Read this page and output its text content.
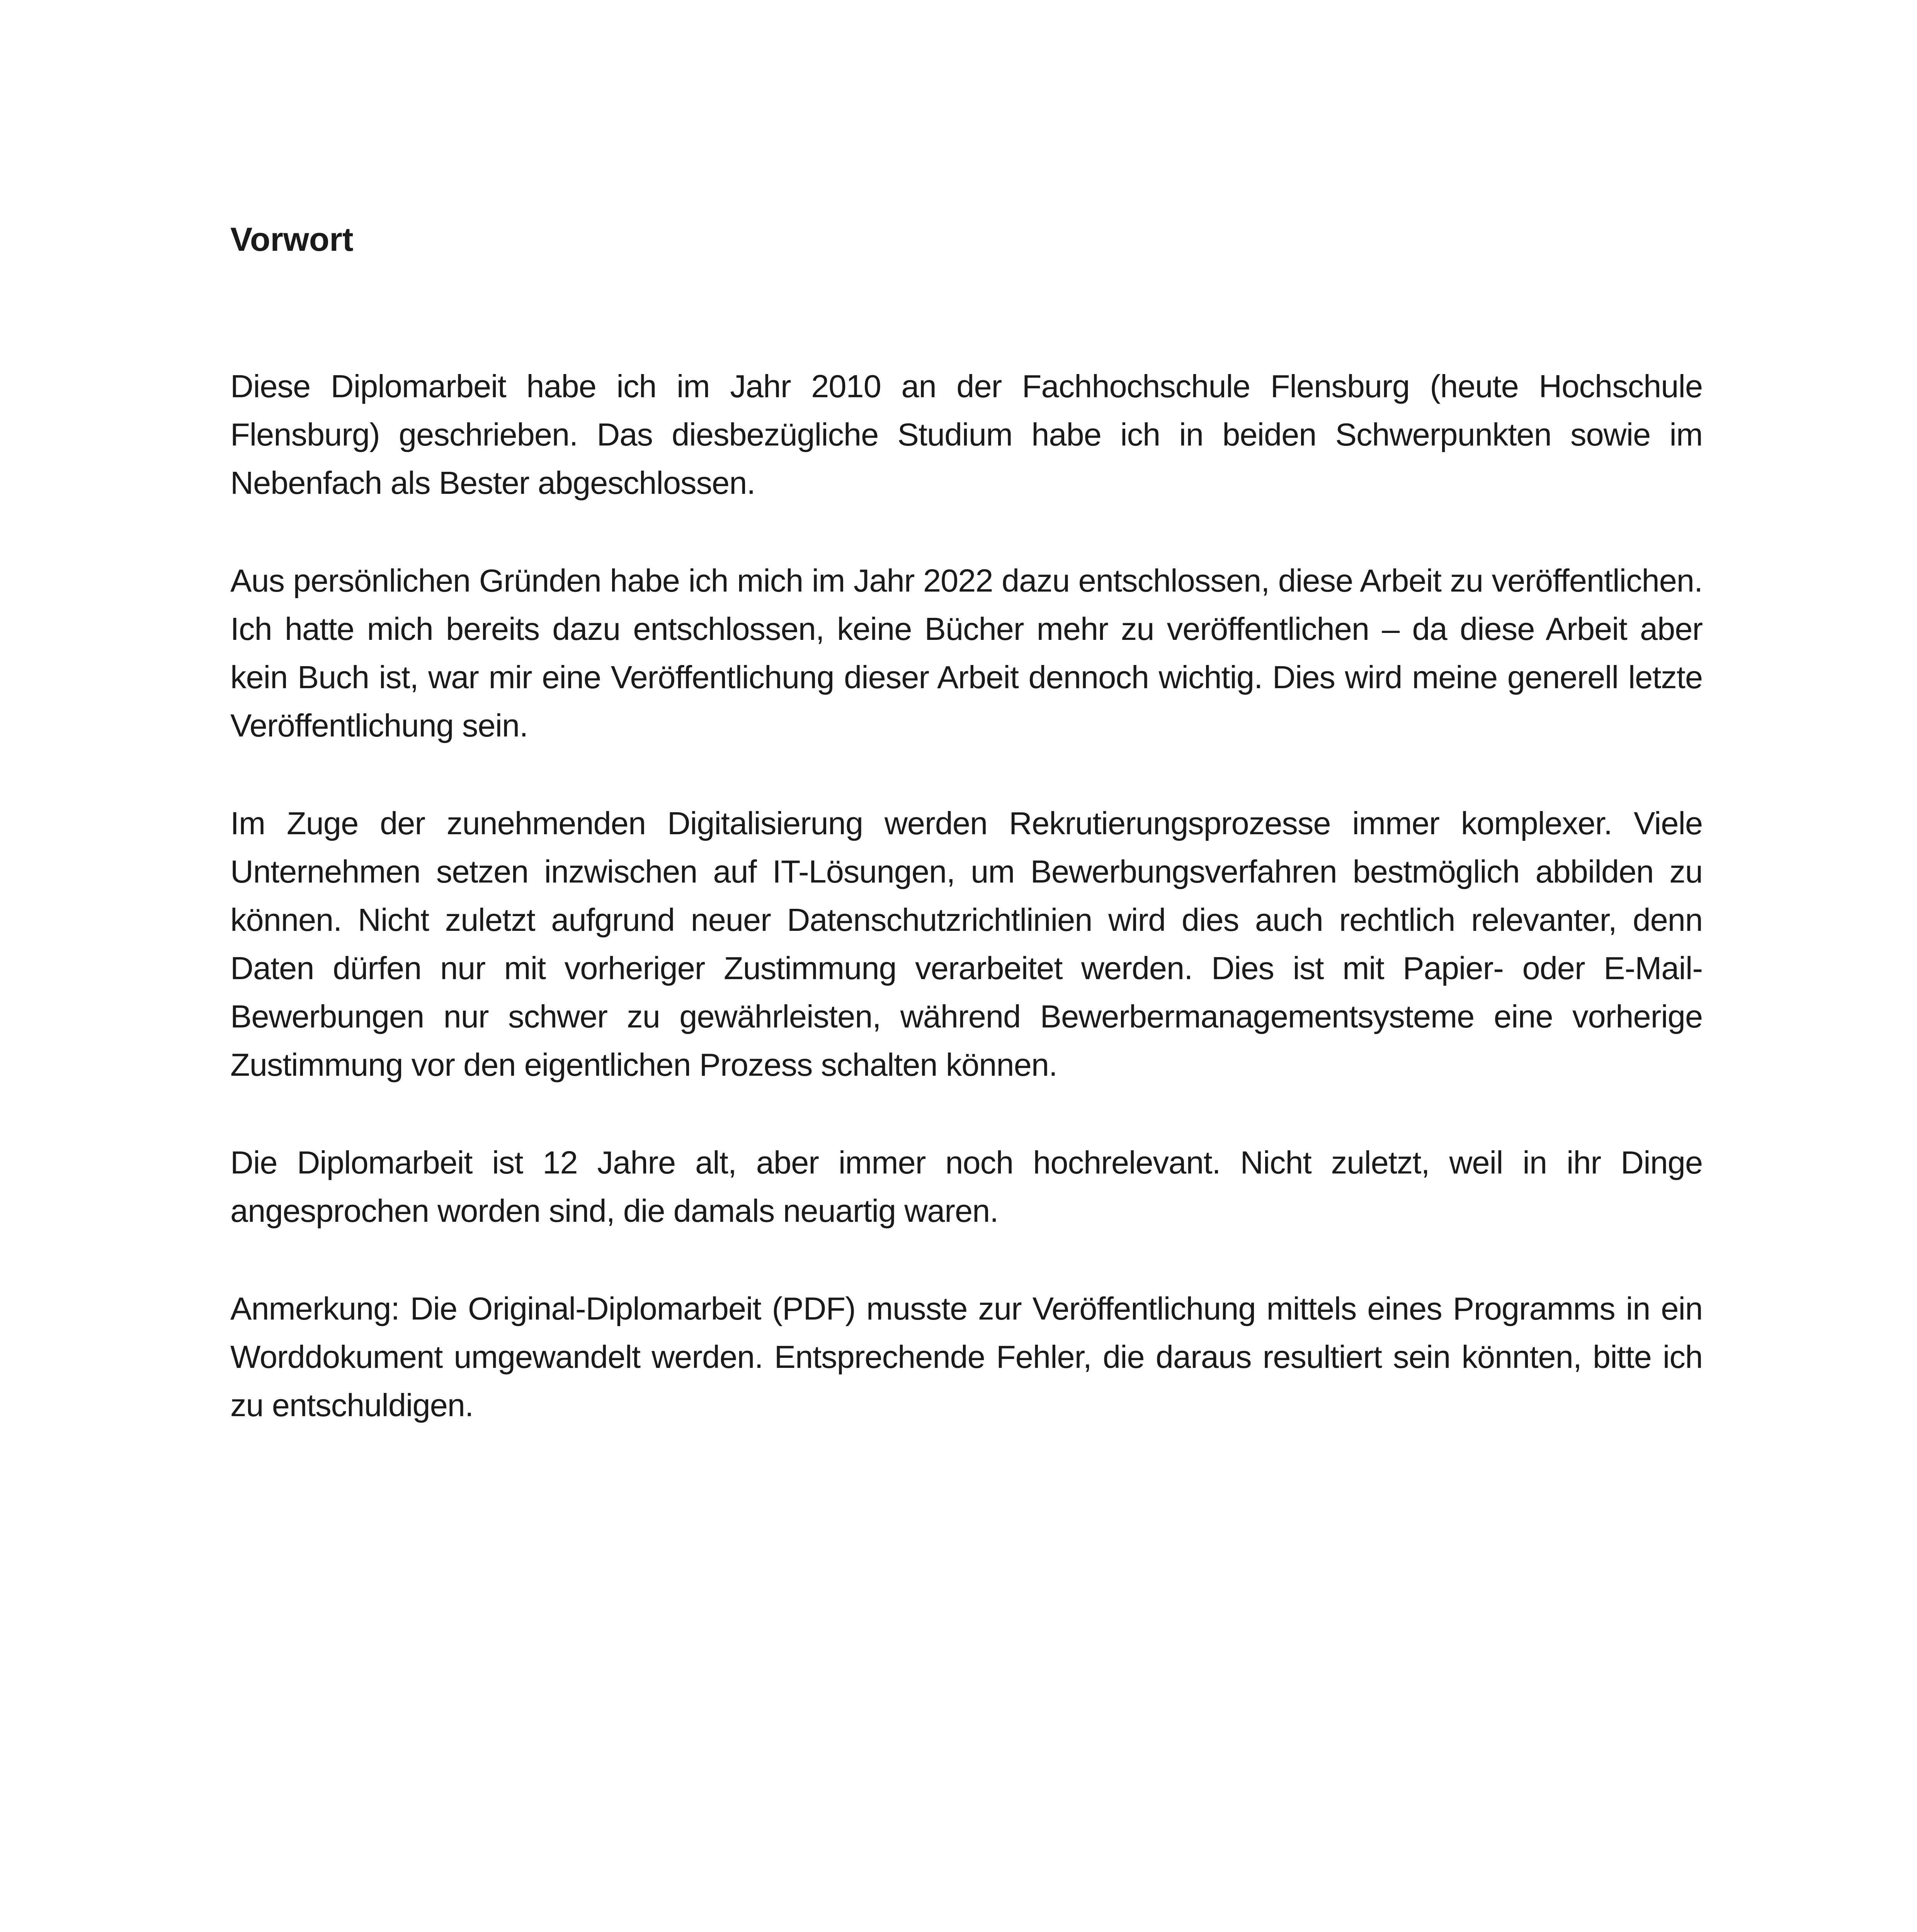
Vorwort

Diese Diplomarbeit habe ich im Jahr 2010 an der Fachhochschule Flensburg (heute Hochschule Flensburg) geschrieben. Das diesbezügliche Studium habe ich in beiden Schwerpunkten sowie im Nebenfach als Bester abgeschlossen.

Aus persönlichen Gründen habe ich mich im Jahr 2022 dazu entschlossen, diese Arbeit zu veröffentlichen. Ich hatte mich bereits dazu entschlossen, keine Bücher mehr zu veröffentlichen – da diese Arbeit aber kein Buch ist, war mir eine Veröffentlichung dieser Arbeit dennoch wichtig. Dies wird meine generell letzte Veröffentlichung sein.

Im Zuge der zunehmenden Digitalisierung werden Rekrutierungsprozesse immer komplexer. Viele Unternehmen setzen inzwischen auf IT-Lösungen, um Bewerbungsverfahren bestmöglich abbilden zu können. Nicht zuletzt aufgrund neuer Datenschutzrichtlinien wird dies auch rechtlich relevanter, denn Daten dürfen nur mit vorheriger Zustimmung verarbeitet werden. Dies ist mit Papier- oder E-Mail-Bewerbungen nur schwer zu gewährleisten, während Bewerbermanagementsysteme eine vorherige Zustimmung vor den eigentlichen Prozess schalten können.

Die Diplomarbeit ist 12 Jahre alt, aber immer noch hochrelevant. Nicht zuletzt, weil in ihr Dinge angesprochen worden sind, die damals neuartig waren.

Anmerkung: Die Original-Diplomarbeit (PDF) musste zur Veröffentlichung mittels eines Programms in ein Worddokument umgewandelt werden. Entsprechende Fehler, die daraus resultiert sein könnten, bitte ich zu entschuldigen.
